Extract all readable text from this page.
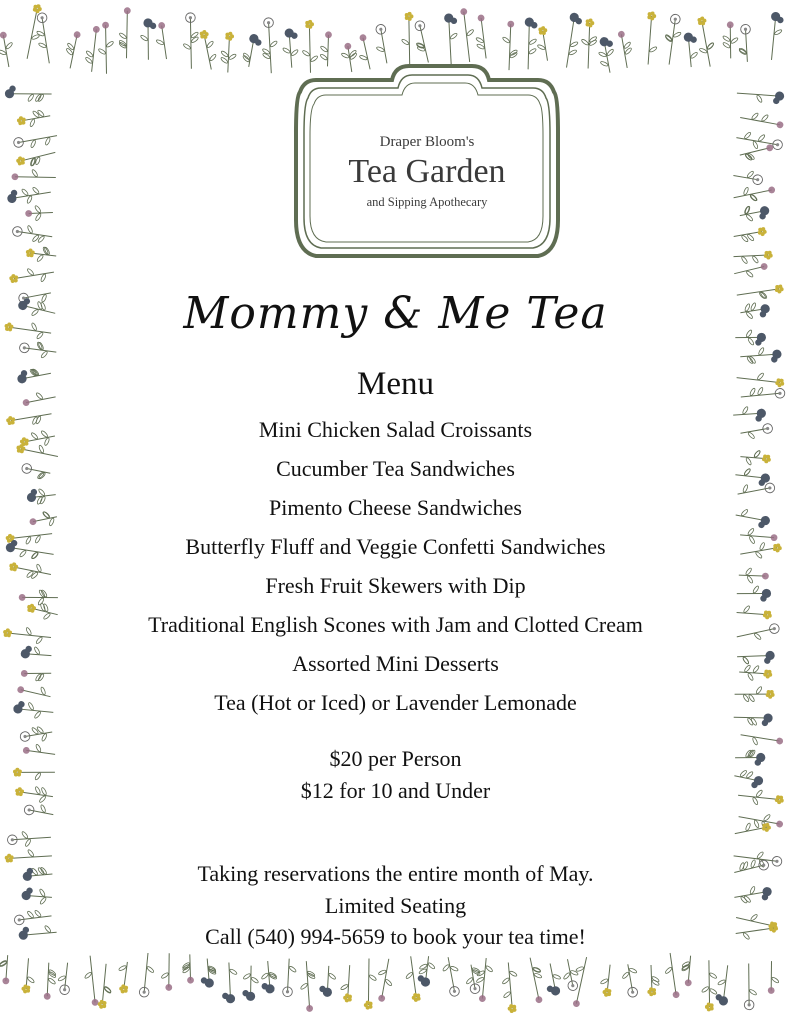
Draper Bloom's
Tea Garden
and Sipping Apothecary
Mommy & Me Tea
Menu
Mini Chicken Salad Croissants
Cucumber Tea Sandwiches
Pimento Cheese Sandwiches
Butterfly Fluff and Veggie Confetti Sandwiches
Fresh Fruit Skewers with Dip
Traditional English Scones with Jam and Clotted Cream
Assorted Mini Desserts
Tea (Hot or Iced) or Lavender Lemonade
$20 per Person
$12 for 10 and Under
Taking reservations the entire month of May.
Limited Seating
Call (540) 994-5659 to book your tea time!
